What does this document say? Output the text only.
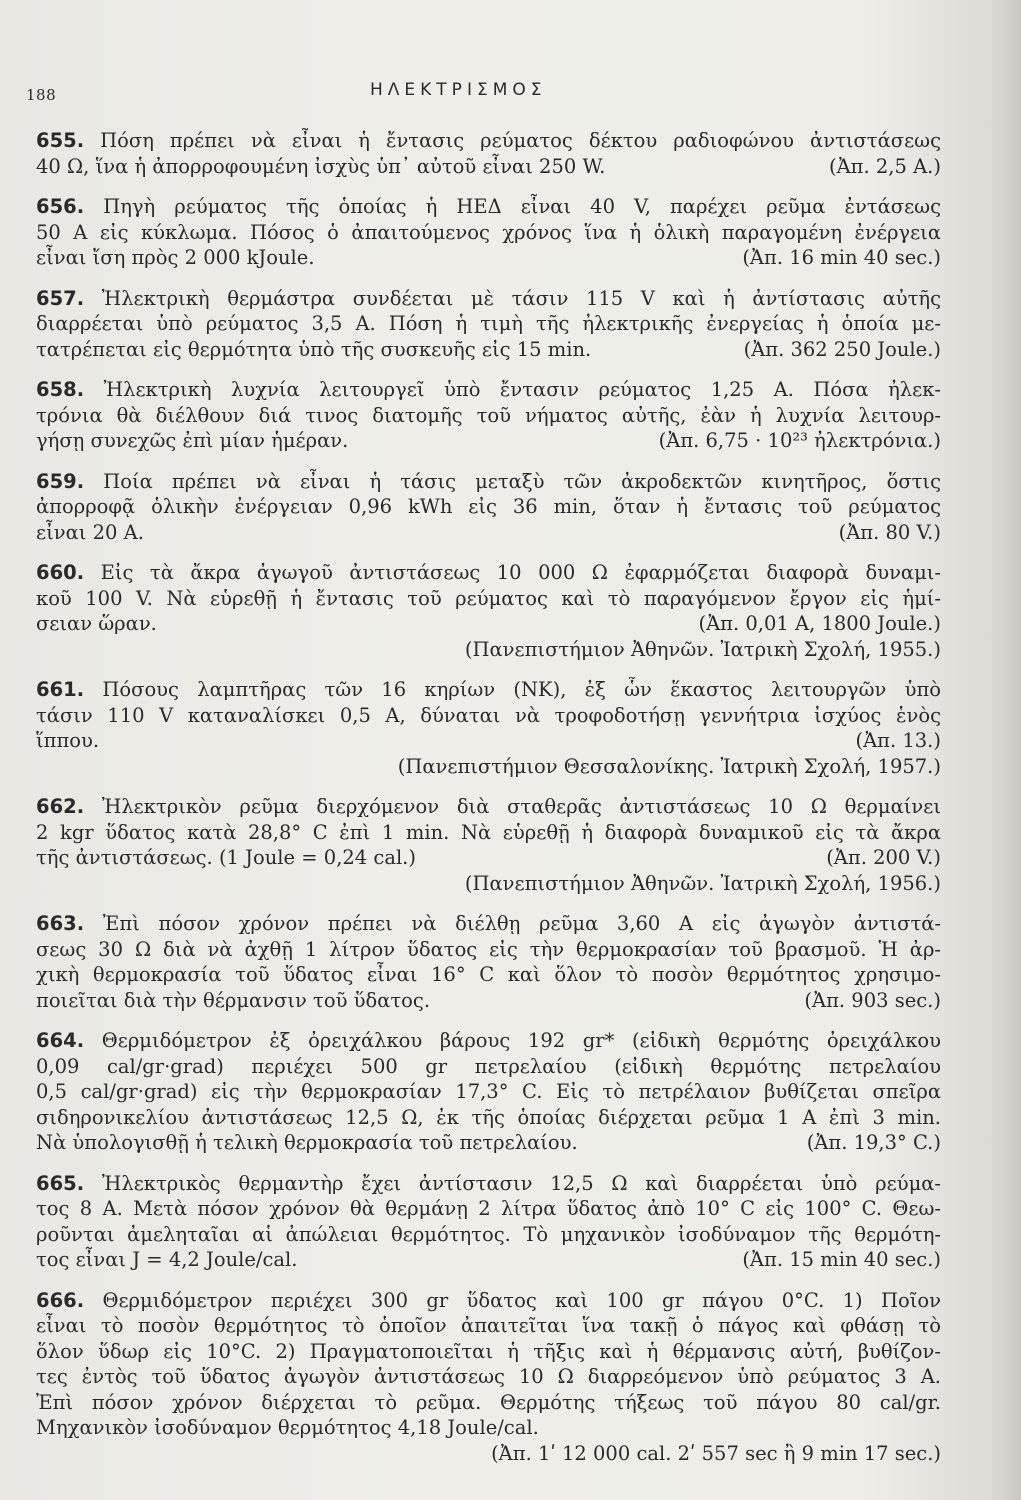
188	ΗΛΕΚΤΡΙΣΜΟΣ
655. Πόση πρέπει νὰ εἶναι ἡ ἔντασις ρεύματος δέκτου ραδιοφώνου ἀντιστάσεως
40 Ω, ἵνα ἡ ἀπορροφουμένη ἰσχὺς ὑπ᾽ αὐτοῦ εἶναι 250 W.	(Ἀπ. 2,5 Α.)
656. Πηγὴ ρεύματος τῆς ὁποίας ἡ ΗΕΔ εἶναι 40 V, παρέχει ρεῦμα ἐντάσεως
50 Α εἰς κύκλωμα. Πόσος ὁ ἀπαιτούμενος χρόνος ἵνα ἡ ὁλικὴ παραγομένη ἐνέργεια
εἶναι ἴση πρὸς 2 000 kJoule.	(Ἀπ. 16 min 40 sec.)
657. Ἠλεκτρικὴ θερμάστρα συνδέεται μὲ τάσιν 115 V καὶ ἡ ἀντίστασις αὐτῆς
διαρρέεται ὑπὸ ρεύματος 3,5 Α. Πόση ἡ τιμὴ τῆς ἠλεκτρικῆς ἐνεργείας ἡ ὁποία με-
τατρέπεται εἰς θερμότητα ὑπὸ τῆς συσκευῆς εἰς 15 min.	(Ἀπ. 362 250 Joule.)
658. Ἠλεκτρικὴ λυχνία λειτουργεῖ ὑπὸ ἔντασιν ρεύματος 1,25 Α. Πόσα ἠλεκ-
τρόνια θὰ διέλθουν διά τινος διατομῆς τοῦ νήματος αὐτῆς, ἐὰν ἡ λυχνία λειτουρ-
γήσῃ συνεχῶς ἐπὶ μίαν ἡμέραν.	(Ἀπ. 6,75 · 10²³ ἠλεκτρόνια.)
659. Ποία πρέπει νὰ εἶναι ἡ τάσις μεταξὺ τῶν ἀκροδεκτῶν κινητῆρος, ὅστις
ἀπορροφᾷ ὁλικὴν ἐνέργειαν 0,96 kWh εἰς 36 min, ὅταν ἡ ἔντασις τοῦ ρεύματος
εἶναι 20 Α.	(Ἀπ. 80 V.)
660. Εἰς τὰ ἄκρα ἀγωγοῦ ἀντιστάσεως 10 000 Ω ἐφαρμόζεται διαφορὰ δυναμι-
κοῦ 100 V. Νὰ εὑρεθῇ ἡ ἔντασις τοῦ ρεύματος καὶ τὸ παραγόμενον ἔργον εἰς ἡμί-
σειαν ὥραν.	(Ἀπ. 0,01 Α, 1800 Joule.)
(Πανεπιστήμιον Ἀθηνῶν. Ἰατρικὴ Σχολή, 1955.)
661. Πόσους λαμπτῆρας τῶν 16 κηρίων (ΝΚ), ἐξ ὧν ἕκαστος λειτουργῶν ὑπὸ
τάσιν 110 V καταναλίσκει 0,5 Α, δύναται νὰ τροφοδοτήσῃ γεννήτρια ἰσχύος ἑνὸς
ἵππου.	(Ἀπ. 13.)
(Πανεπιστήμιον Θεσσαλονίκης. Ἰατρικὴ Σχολή, 1957.)
662. Ἠλεκτρικὸν ρεῦμα διερχόμενον διὰ σταθερᾶς ἀντιστάσεως 10 Ω θερμαίνει
2 kgr ὕδατος κατὰ 28,8° C ἐπὶ 1 min. Νὰ εὑρεθῇ ἡ διαφορὰ δυναμικοῦ εἰς τὰ ἄκρα
τῆς ἀντιστάσεως. (1 Joule = 0,24 cal.)	(Ἀπ. 200 V.)
(Πανεπιστήμιον Ἀθηνῶν. Ἰατρικὴ Σχολή, 1956.)
663. Ἐπὶ πόσον χρόνον πρέπει νὰ διέλθῃ ρεῦμα 3,60 Α εἰς ἀγωγὸν ἀντιστά-
σεως 30 Ω διὰ νὰ ἀχθῇ 1 λίτρον ὕδατος εἰς τὴν θερμοκρασίαν τοῦ βρασμοῦ. Ἡ ἀρ-
χικὴ θερμοκρασία τοῦ ὕδατος εἶναι 16° C καὶ ὅλον τὸ ποσὸν θερμότητος χρησιμο-
ποιεῖται διὰ τὴν θέρμανσιν τοῦ ὕδατος.	(Ἀπ. 903 sec.)
664. Θερμιδόμετρον ἐξ ὀρειχάλκου βάρους 192 gr* (εἰδικὴ θερμότης ὀρειχάλκου
0,09 cal/gr·grad) περιέχει 500 gr πετρελαίου (εἰδικὴ θερμότης πετρελαίου
0,5 cal/gr·grad) εἰς τὴν θερμοκρασίαν 17,3° C. Εἰς τὸ πετρέλαιον βυθίζεται σπεῖρα
σιδηρονικελίου ἀντιστάσεως 12,5 Ω, ἐκ τῆς ὁποίας διέρχεται ρεῦμα 1 Α ἐπὶ 3 min.
Νὰ ὑπολογισθῇ ἡ τελικὴ θερμοκρασία τοῦ πετρελαίου.	(Ἀπ. 19,3° C.)
665. Ἠλεκτρικὸς θερμαντὴρ ἔχει ἀντίστασιν 12,5 Ω καὶ διαρρέεται ὑπὸ ρεύμα-
τος 8 Α. Μετὰ πόσον χρόνον θὰ θερμάνῃ 2 λίτρα ὕδατος ἀπὸ 10° C εἰς 100° C. Θεω-
ροῦνται ἀμεληταῖαι αἱ ἀπώλειαι θερμότητος. Τὸ μηχανικὸν ἰσοδύναμον τῆς θερμότη-
τος εἶναι J = 4,2 Joule/cal.	(Ἀπ. 15 min 40 sec.)
666. Θερμιδόμετρον περιέχει 300 gr ὕδατος καὶ 100 gr πάγου 0°C. 1) Ποῖον
εἶναι τὸ ποσὸν θερμότητος τὸ ὁποῖον ἀπαιτεῖται ἵνα τακῇ ὁ πάγος καὶ φθάσῃ τὸ
ὅλον ὕδωρ εἰς 10°C. 2) Πραγματοποιεῖται ἡ τῆξις καὶ ἡ θέρμανσις αὐτή, βυθίζον-
τες ἐντὸς τοῦ ὕδατος ἀγωγὸν ἀντιστάσεως 10 Ω διαρρεόμενον ὑπὸ ρεύματος 3 Α.
Ἐπὶ πόσον χρόνον διέρχεται τὸ ρεῦμα. Θερμότης τήξεως τοῦ πάγου 80 cal/gr.
Μηχανικὸν ἰσοδύναμον θερμότητος 4,18 Joule/cal.
(Ἀπ. 1ʹ 12 000 cal. 2ʹ 557 sec ἢ 9 min 17 sec.)
